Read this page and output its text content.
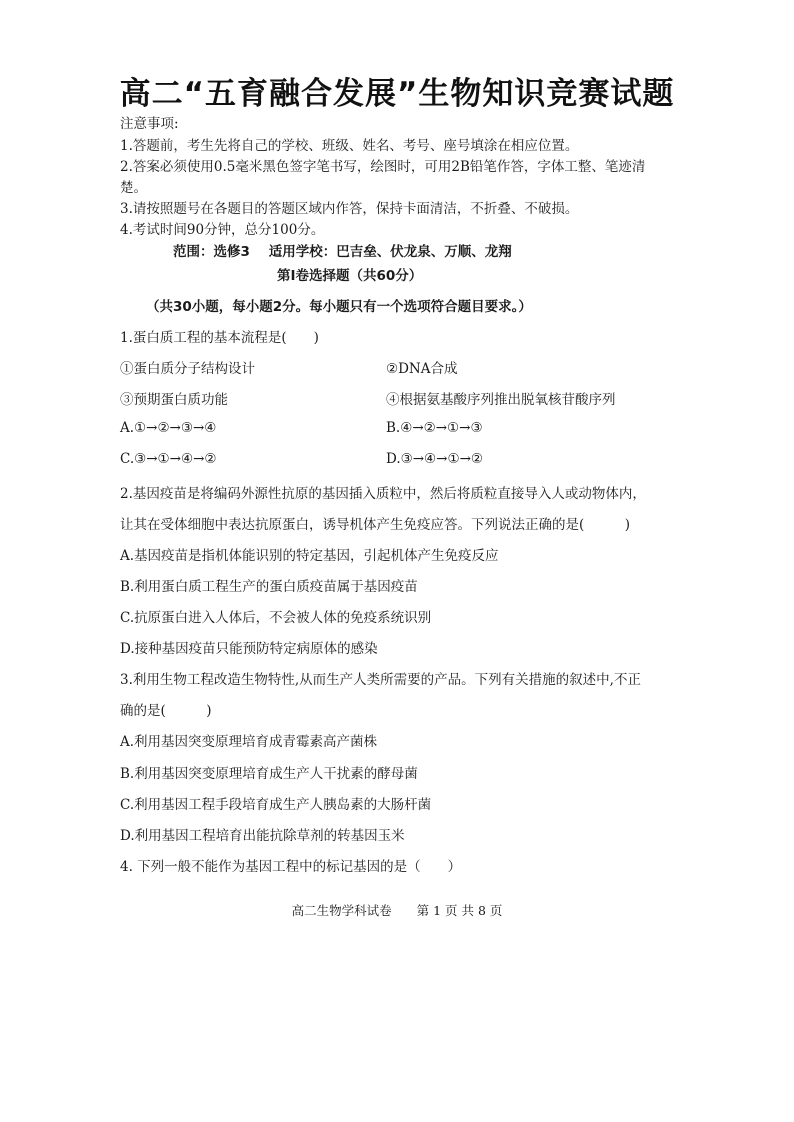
高二“五育融合发展”生物知识竞赛试题
注意事项:
1.答题前，考生先将自己的学校、班级、姓名、考号、座号填涂在相应位置。
2.答案必须使用0.5毫米黑色签字笔书写，绘图时，可用2B铅笔作答，字体工整、笔迹清
楚。
3.请按照题号在各题目的答题区域内作答，保持卡面清洁，不折叠、不破损。
4.考试时间90分钟，总分100分。
范围：选修3    适用学校：巴吉垒、伏龙泉、万顺、龙翔
第Ⅰ卷选择题（共60分）
（共30小题，每小题2分。每小题只有一个选项符合题目要求。）
1.蛋白质工程的基本流程是(　　)
①蛋白质分子结构设计	②DNA合成
③预期蛋白质功能	④根据氨基酸序列推出脱氧核苷酸序列
A.①→②→③→④	B.④→②→①→③
C.③→①→④→②	D.③→④→①→②
2.基因疫苗是将编码外源性抗原的基因插入质粒中，然后将质粒直接导入人或动物体内，
让其在受体细胞中表达抗原蛋白，诱导机体产生免疫应答。下列说法正确的是(　　　)
A.基因疫苗是指机体能识别的特定基因，引起机体产生免疫反应
B.利用蛋白质工程生产的蛋白质疫苗属于基因疫苗
C.抗原蛋白进入人体后，不会被人体的免疫系统识别
D.接种基因疫苗只能预防特定病原体的感染
3.利用生物工程改造生物特性,从而生产人类所需要的产品。下列有关措施的叙述中,不正
确的是(　　　)
A.利用基因突变原理培育成青霉素高产菌株
B.利用基因突变原理培育成生产人干扰素的酵母菌
C.利用基因工程手段培育成生产人胰岛素的大肠杆菌
D.利用基因工程培育出能抗除草剂的转基因玉米
4. 下列一般不能作为基因工程中的标记基因的是（　　）
高二生物学科试卷　　第 1 页 共 8 页
